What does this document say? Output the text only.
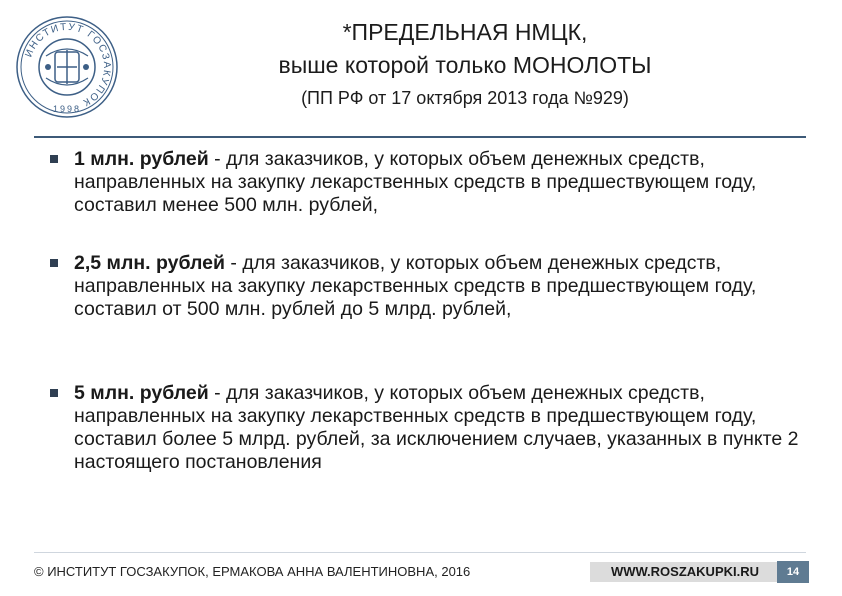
ИНСТИТУТ ГОСЗАКУПОК
1998
*ПРЕДЕЛЬНАЯ НМЦК,
выше которой только МОНОЛОТЫ
(ПП РФ от 17 октября 2013 года №929)
1 млн. рублей - для заказчиков, у которых объем денежных средств, направленных на закупку лекарственных средств в предшествующем году, составил менее 500 млн. рублей,
2,5 млн. рублей - для заказчиков, у которых объем денежных средств, направленных на закупку лекарственных средств в предшествующем году, составил от 500 млн. рублей до 5 млрд. рублей,
5 млн. рублей - для заказчиков, у которых объем денежных средств, направленных на закупку лекарственных средств в предшествующем году, составил более 5 млрд. рублей, за исключением случаев, указанных в пункте 2 настоящего постановления
© ИНСТИТУТ ГОСЗАКУПОК, ЕРМАКОВА АННА ВАЛЕНТИНОВНА, 2016	WWW.ROSZAKUPKI.RU	14
